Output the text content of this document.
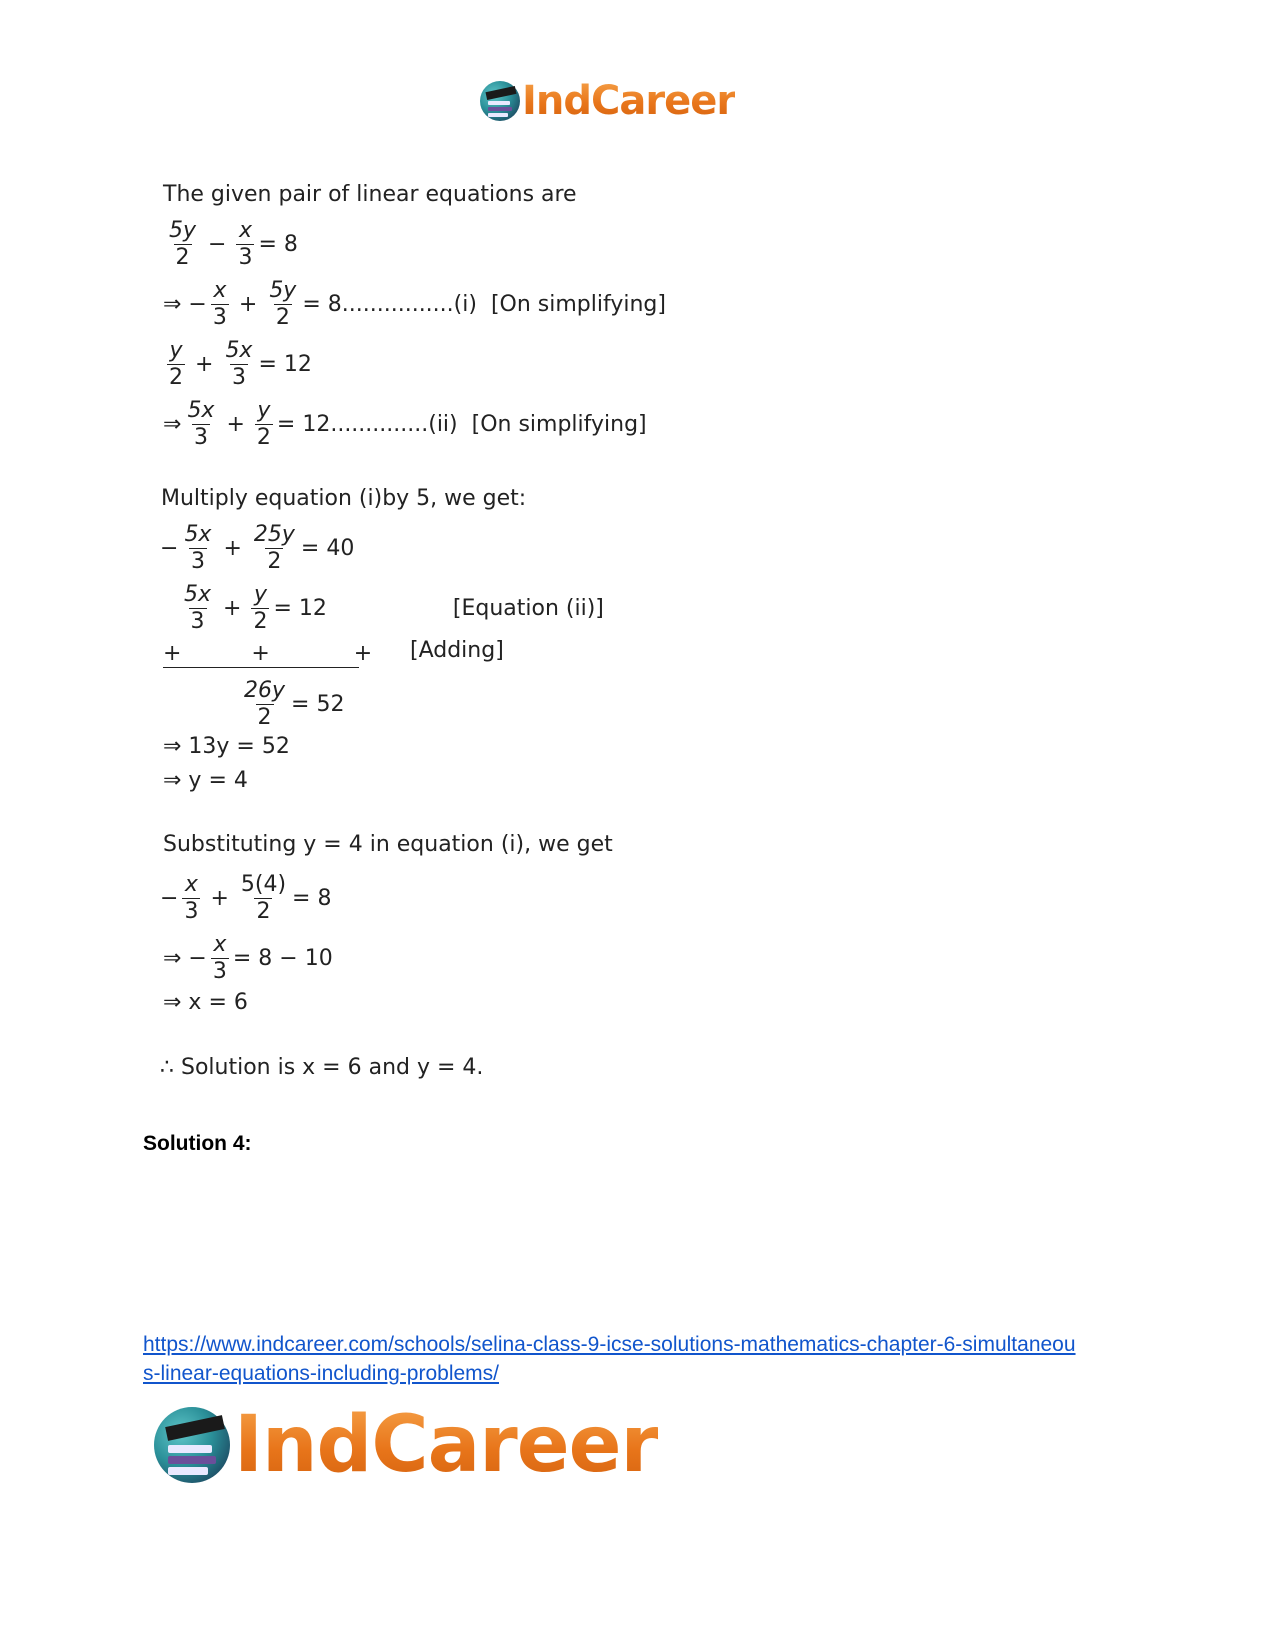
IndCareer
The given pair of linear equations are
$\frac{5y}{2} - \frac{x}{3} = 8$
⇒ − $\frac{x}{3} + \frac{5y}{2} = 8................(i)$ [On simplifying]
$\frac{y}{2} + \frac{5x}{3} = 12$
⇒ $\frac{5x}{3} + \frac{y}{2} = 12..............(ii)$ [On simplifying]
Multiply equation (i)by 5, we get:
− $\frac{5x}{3} + \frac{25y}{2} = 40$
$\frac{5x}{3} + \frac{y}{2} = 12$	[Equation (ii)]
+          +            + [Adding]
$\frac{26y}{2} = 52$
⇒ 13y = 52
⇒ y = 4
Substituting y = 4 in equation (i), we get
− $\frac{x}{3} + \frac{5(4)}{2} = 8$
⇒ − $\frac{x}{3} = 8 - 10$
⇒ x = 6
∴ Solution is x = 6 and y = 4.
Solution 4:
https://www.indcareer.com/schools/selina-class-9-icse-solutions-mathematics-chapter-6-simultaneous-linear-equations-including-problems/
IndCareer
